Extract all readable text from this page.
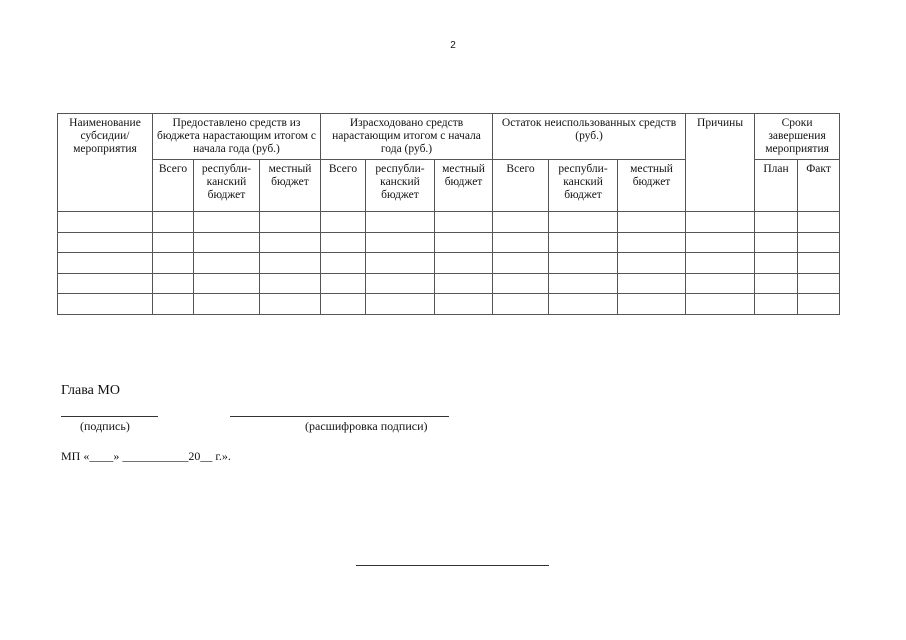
2
Наименование субсидии/ мероприятия	Предоставлено средств из бюджета нарастающим итогом с начала года (руб.)			Израсходовано средств нарастающим итогом с начала года (руб.)			Остаток неиспользованных средств (руб.)			Причины	Сроки завершения мероприятия	
	Всего	республи-канский бюджет	местный бюджет	Всего	республи-канский бюджет	местный бюджет	Всего	республи-канский бюджет	местный бюджет		План	Факт

Глава МО
(подпись)	(расшифровка подписи)
МП «____» ___________20__ г.».
